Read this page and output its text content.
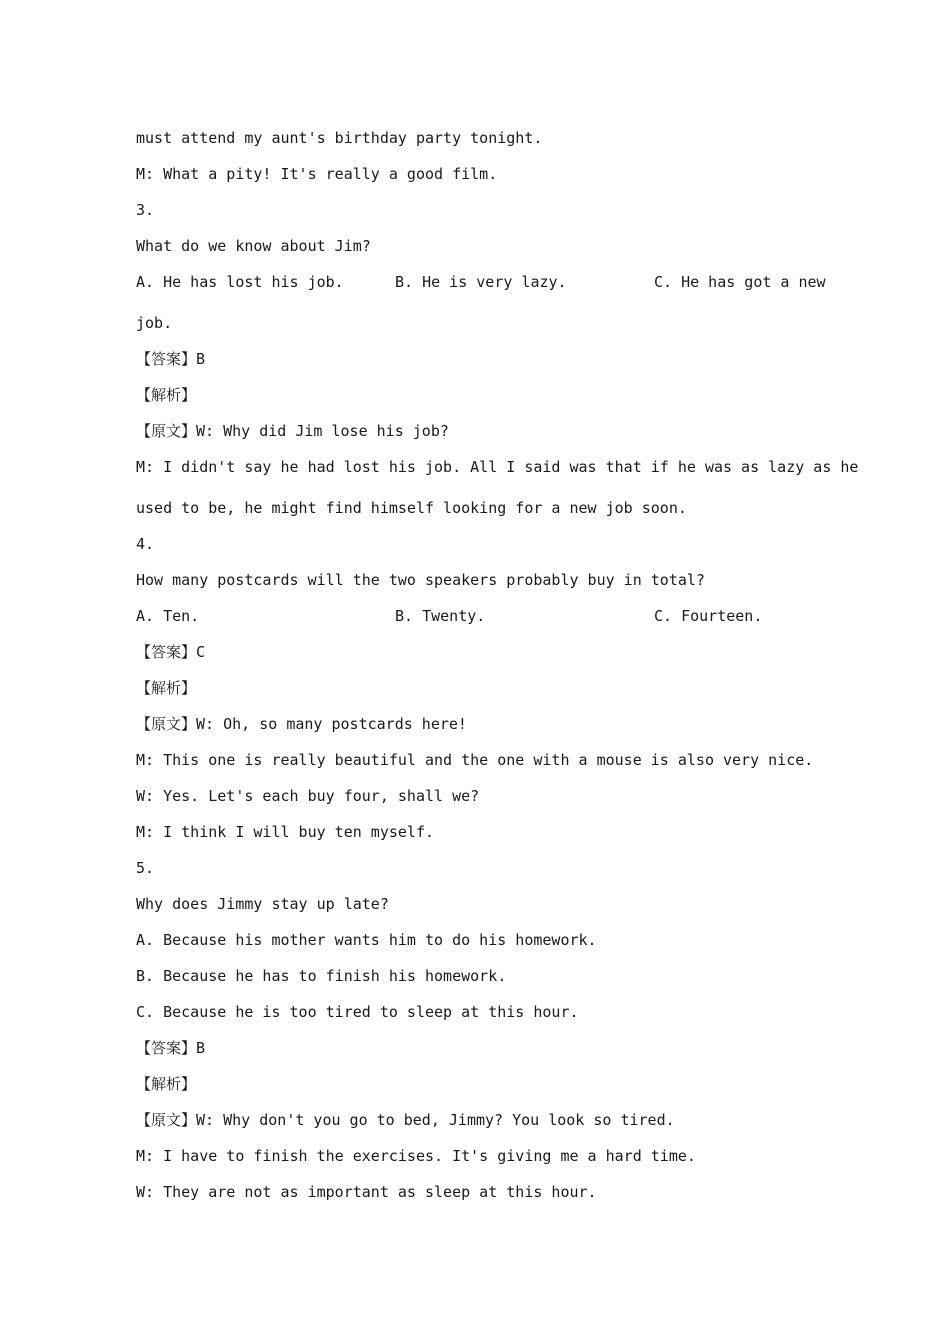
must attend my aunt's birthday party tonight.
M: What a pity! It's really a good film.
3.
What do we know about Jim?
A. He has lost his job.	B. He is very lazy.	C. He has got a new
job.
【答案】B
【解析】
【原文】W: Why did Jim lose his job?
M: I didn't say he had lost his job. All I said was that if he was as lazy as he
used to be, he might find himself looking for a new job soon.
4.
How many postcards will the two speakers probably buy in total?
A. Ten.	B. Twenty.	C. Fourteen.
【答案】C
【解析】
【原文】W: Oh, so many postcards here!
M: This one is really beautiful and the one with a mouse is also very nice.
W: Yes. Let's each buy four, shall we?
M: I think I will buy ten myself.
5.
Why does Jimmy stay up late?
A. Because his mother wants him to do his homework.
B. Because he has to finish his homework.
C. Because he is too tired to sleep at this hour.
【答案】B
【解析】
【原文】W: Why don't you go to bed, Jimmy? You look so tired.
M: I have to finish the exercises. It's giving me a hard time.
W: They are not as important as sleep at this hour.
